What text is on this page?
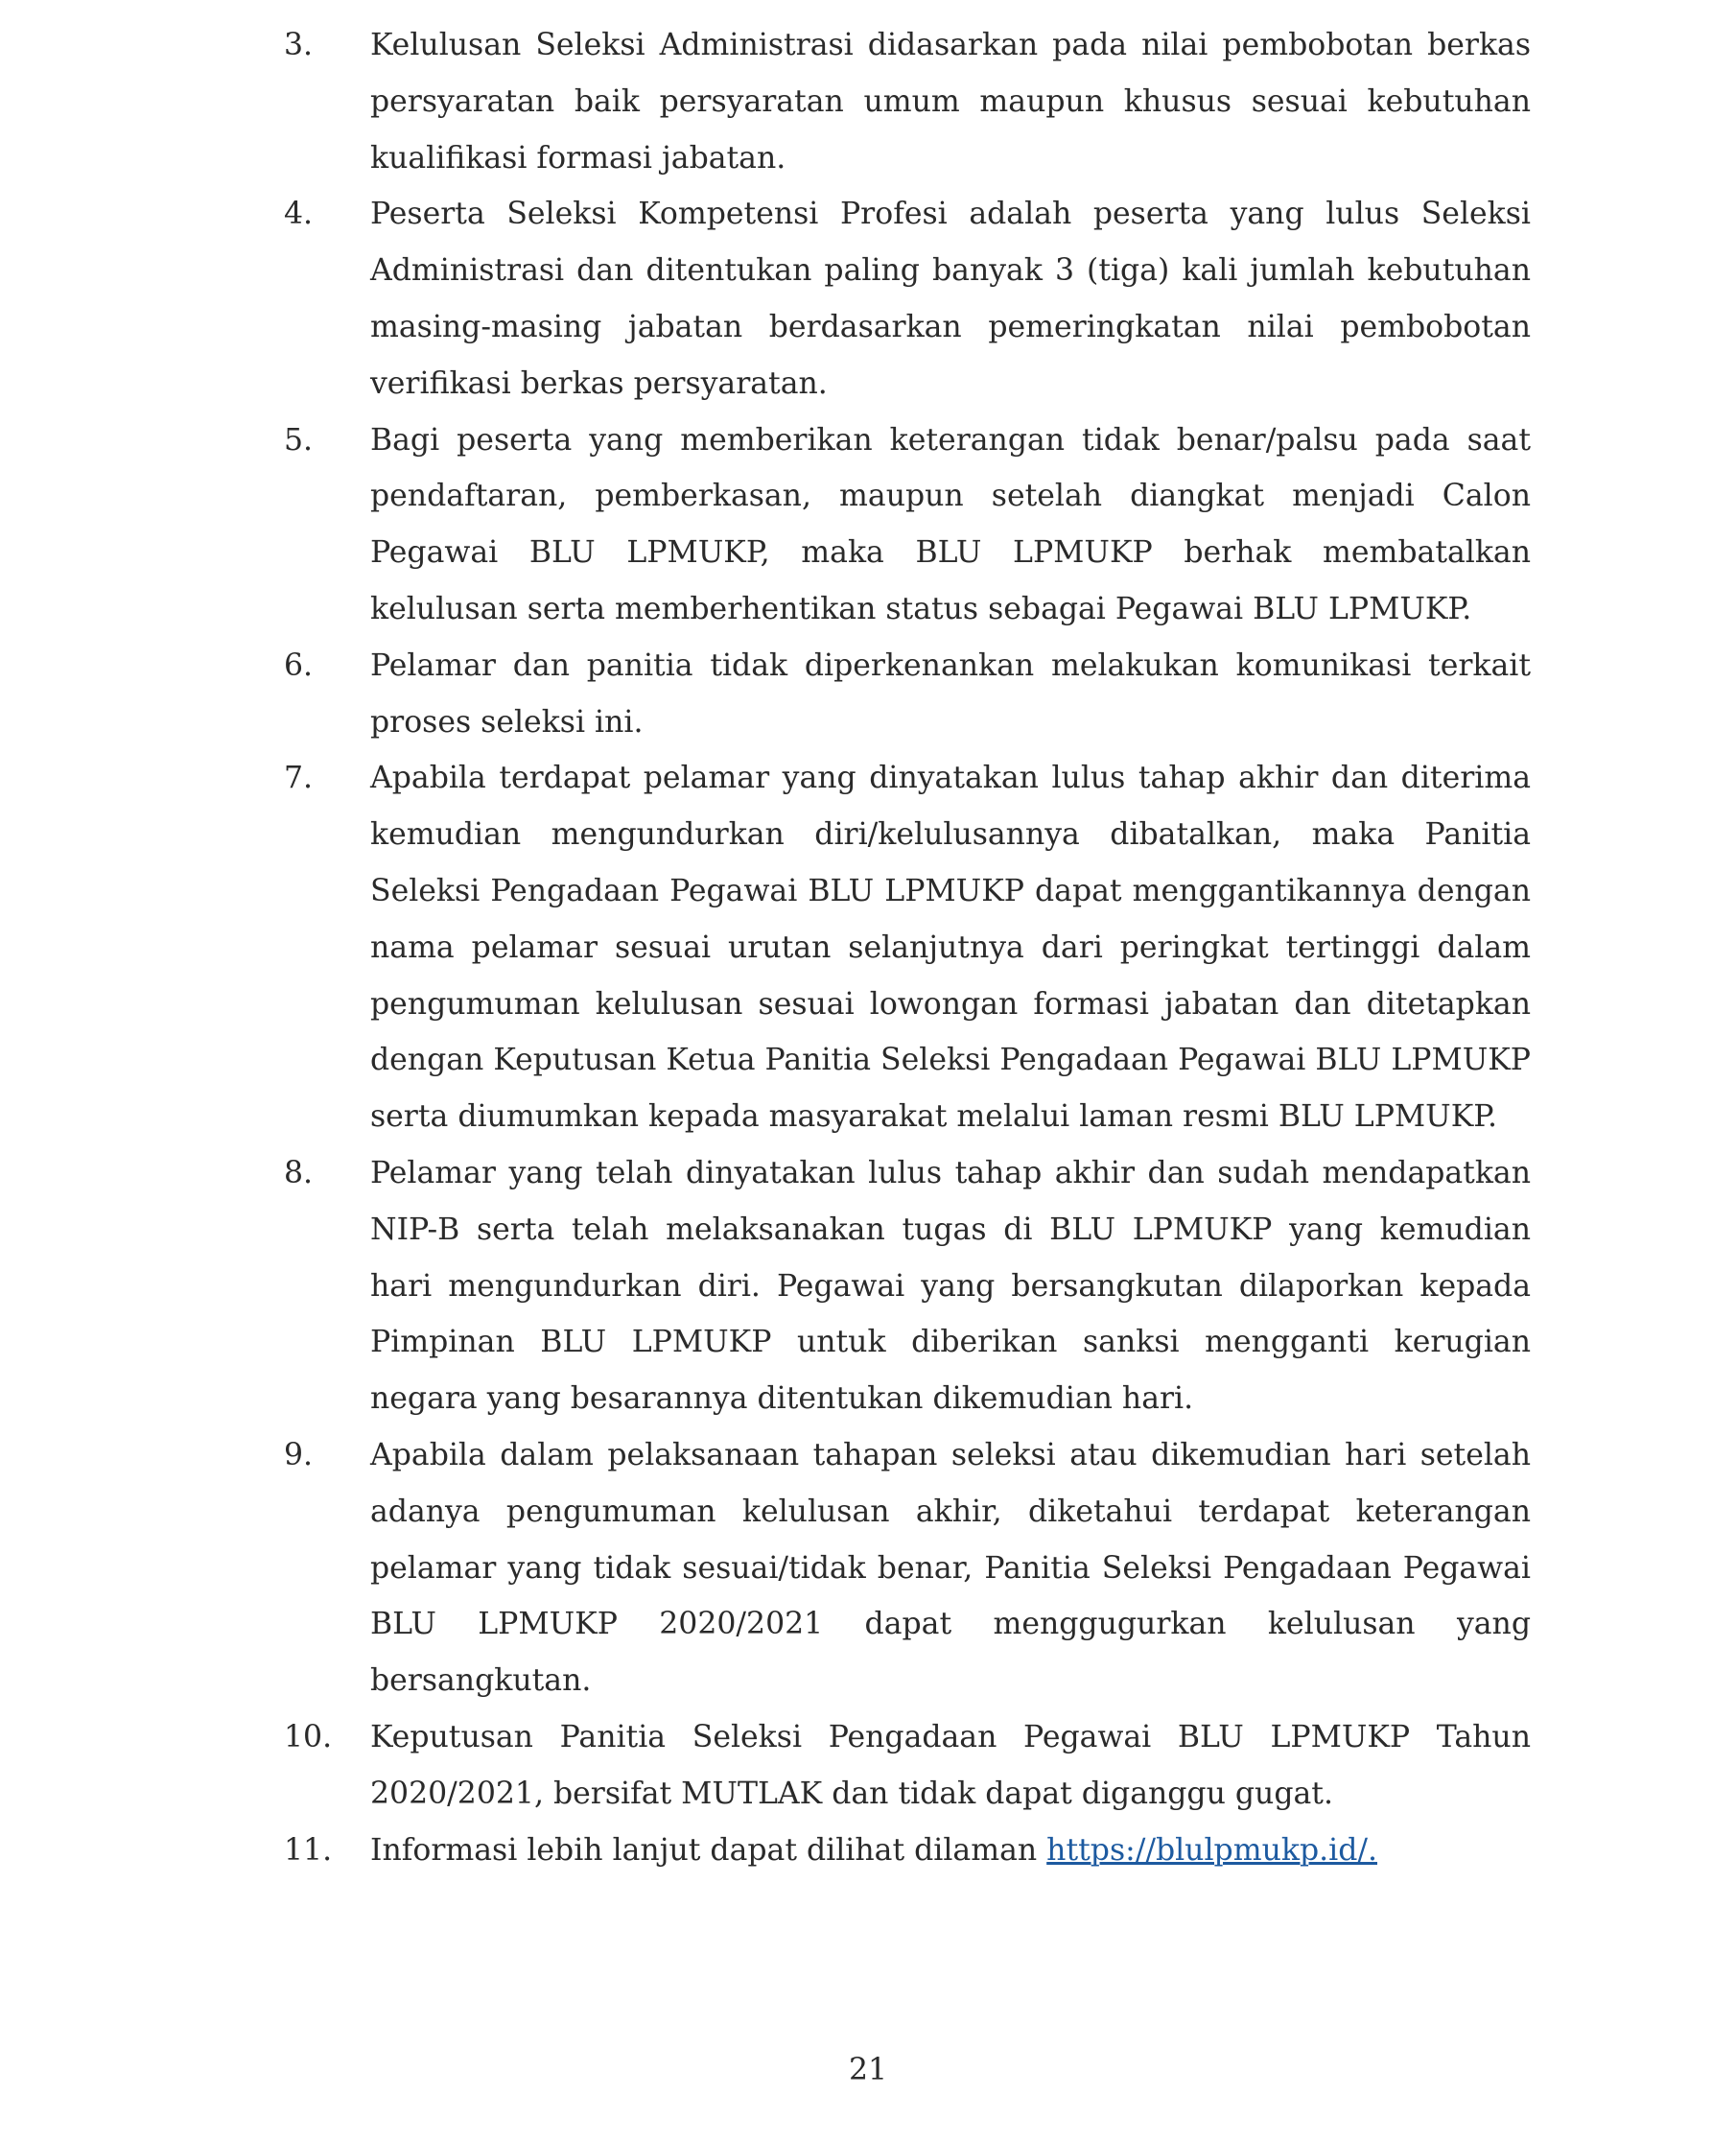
3.	Kelulusan Seleksi Administrasi didasarkan pada nilai pembobotan berkas persyaratan baik persyaratan umum maupun khusus sesuai kebutuhan kualifikasi formasi jabatan.
4.	Peserta Seleksi Kompetensi Profesi adalah peserta yang lulus Seleksi Administrasi dan ditentukan paling banyak 3 (tiga) kali jumlah kebutuhan masing-masing jabatan berdasarkan pemeringkatan nilai pembobotan verifikasi berkas persyaratan.
5.	Bagi peserta yang memberikan keterangan tidak benar/palsu pada saat pendaftaran, pemberkasan, maupun setelah diangkat menjadi Calon Pegawai BLU LPMUKP, maka BLU LPMUKP berhak membatalkan kelulusan serta memberhentikan status sebagai Pegawai BLU LPMUKP.
6.	Pelamar dan panitia tidak diperkenankan melakukan komunikasi terkait proses seleksi ini.
7.	Apabila terdapat pelamar yang dinyatakan lulus tahap akhir dan diterima kemudian mengundurkan diri/kelulusannya dibatalkan, maka Panitia Seleksi Pengadaan Pegawai BLU LPMUKP dapat menggantikannya dengan nama pelamar sesuai urutan selanjutnya dari peringkat tertinggi dalam pengumuman kelulusan sesuai lowongan formasi jabatan dan ditetapkan dengan Keputusan Ketua Panitia Seleksi Pengadaan Pegawai BLU LPMUKP serta diumumkan kepada masyarakat melalui laman resmi BLU LPMUKP.
8.	Pelamar yang telah dinyatakan lulus tahap akhir dan sudah mendapatkan NIP-B serta telah melaksanakan tugas di BLU LPMUKP yang kemudian hari mengundurkan diri. Pegawai yang bersangkutan dilaporkan kepada Pimpinan BLU LPMUKP untuk diberikan sanksi mengganti kerugian negara yang besarannya ditentukan dikemudian hari.
9.	Apabila dalam pelaksanaan tahapan seleksi atau dikemudian hari setelah adanya pengumuman kelulusan akhir, diketahui terdapat keterangan pelamar yang tidak sesuai/tidak benar, Panitia Seleksi Pengadaan Pegawai BLU LPMUKP 2020/2021 dapat menggugurkan kelulusan yang bersangkutan.
10.	Keputusan Panitia Seleksi Pengadaan Pegawai BLU LPMUKP Tahun 2020/2021, bersifat MUTLAK dan tidak dapat diganggu gugat.
11.	Informasi lebih lanjut dapat dilihat dilaman https://blulpmukp.id/.
21
